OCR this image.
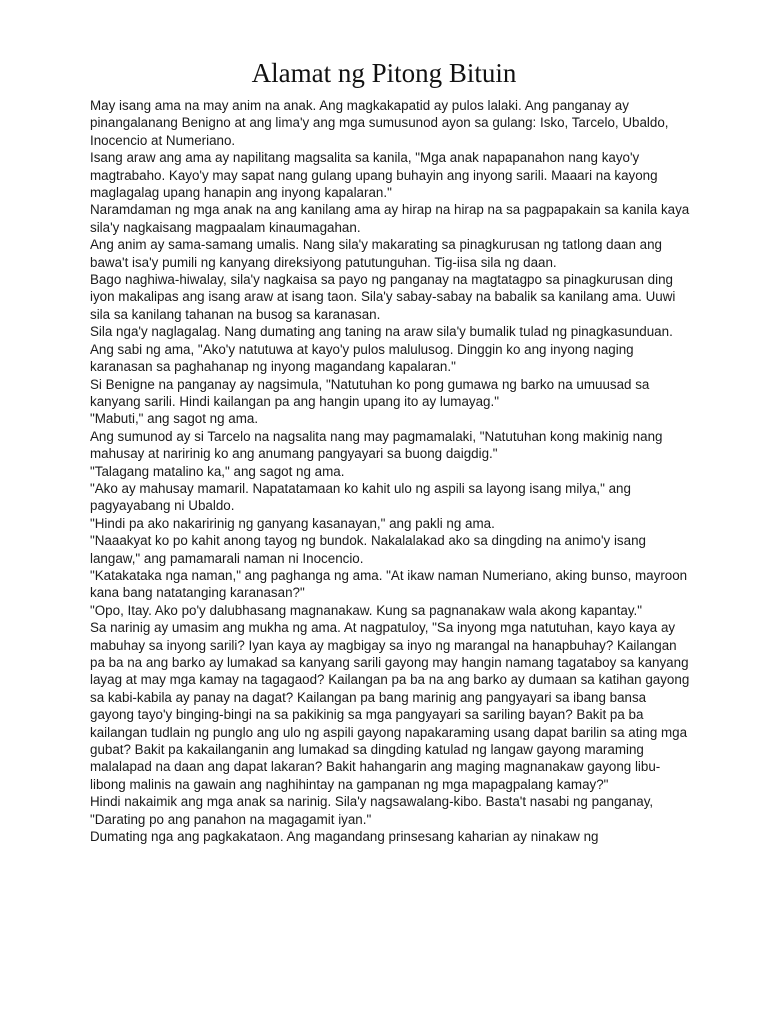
Alamat ng Pitong Bituin

May isang ama na may anim na anak. Ang magkakapatid ay pulos lalaki. Ang panganay ay pinangalanang Benigno at ang lima'y ang mga sumusunod ayon sa gulang: Isko, Tarcelo, Ubaldo, Inocencio at Numeriano.

Isang araw ang ama ay napilitang magsalita sa kanila, "Mga anak napapanahon nang kayo'y magtrabaho. Kayo'y may sapat nang gulang upang buhayin ang inyong sarili. Maaari na kayong maglagalag upang hanapin ang inyong kapalaran."

Naramdaman ng mga anak na ang kanilang ama ay hirap na hirap na sa pagpapakain sa kanila kaya sila'y nagkaisang magpaalam kinaumagahan.

Ang anim ay sama-samang umalis. Nang sila'y makarating sa pinagkurusan ng tatlong daan ang bawa't isa'y pumili ng kanyang direksiyong patutunguhan. Tig-iisa sila ng daan.

Bago naghiwa-hiwalay, sila'y nagkaisa sa payo ng panganay na magtatagpo sa pinagkurusan ding iyon makalipas ang isang araw at isang taon. Sila'y sabay-sabay na babalik sa kanilang ama. Uuwi sila sa kanilang tahanan na busog sa karanasan.

Sila nga'y naglagalag. Nang dumating ang taning na araw sila'y bumalik tulad ng pinagkasunduan.

Ang sabi ng ama, "Ako'y natutuwa at kayo'y pulos malulusog. Dinggin ko ang inyong naging karanasan sa paghahanap ng inyong magandang kapalaran."

Si Benigne na panganay ay nagsimula, "Natutuhan ko pong gumawa ng barko na umuusad sa kanyang sarili. Hindi kailangan pa ang hangin upang ito ay lumayag."

"Mabuti," ang sagot ng ama.

Ang sumunod ay si Tarcelo na nagsalita nang may pagmamalaki, "Natutuhan kong makinig nang mahusay at naririnig ko ang anumang pangyayari sa buong daigdig."

"Talagang matalino ka," ang sagot ng ama.

"Ako ay mahusay mamaril. Napatatamaan ko kahit ulo ng aspili sa layong isang milya," ang pagyayabang ni Ubaldo.

"Hindi pa ako nakaririnig ng ganyang kasanayan," ang pakli ng ama.

"Naaakyat ko po kahit anong tayog ng bundok. Nakalalakad ako sa dingding na animo'y isang langaw," ang pamamarali naman ni Inocencio.

"Katakataka nga naman," ang paghanga ng ama. "At ikaw naman Numeriano, aking bunso, mayroon kana bang natatanging karanasan?"

"Opo, Itay. Ako po'y dalubhasang magnanakaw. Kung sa pagnanakaw wala akong kapantay."

Sa narinig ay umasim ang mukha ng ama. At nagpatuloy, "Sa inyong mga natutuhan, kayo kaya ay mabuhay sa inyong sarili? Iyan kaya ay magbigay sa inyo ng marangal na hanapbuhay? Kailangan pa ba na ang barko ay lumakad sa kanyang sarili gayong may hangin namang tagataboy sa kanyang layag at may mga kamay na tagagaod? Kailangan pa ba na ang barko ay dumaan sa katihan gayong sa kabi-kabila ay panay na dagat? Kailangan pa bang marinig ang pangyayari sa ibang bansa gayong tayo'y binging-bingi na sa pakikinig sa mga pangyayari sa sariling bayan? Bakit pa ba kailangan tudlain ng punglo ang ulo ng aspili gayong napakaraming usang dapat barilin sa ating mga gubat? Bakit pa kakailanganin ang lumakad sa dingding katulad ng langaw gayong maraming malalapad na daan ang dapat lakaran? Bakit hahangarin ang maging magnanakaw gayong libu-libong malinis na gawain ang naghihintay na gampanan ng mga mapagpalang kamay?"

Hindi nakaimik ang mga anak sa narinig. Sila'y nagsawalang-kibo. Basta't nasabi ng panganay, "Darating po ang panahon na magagamit iyan."

Dumating nga ang pagkakataon. Ang magandang prinsesang kaharian ay ninakaw ng
